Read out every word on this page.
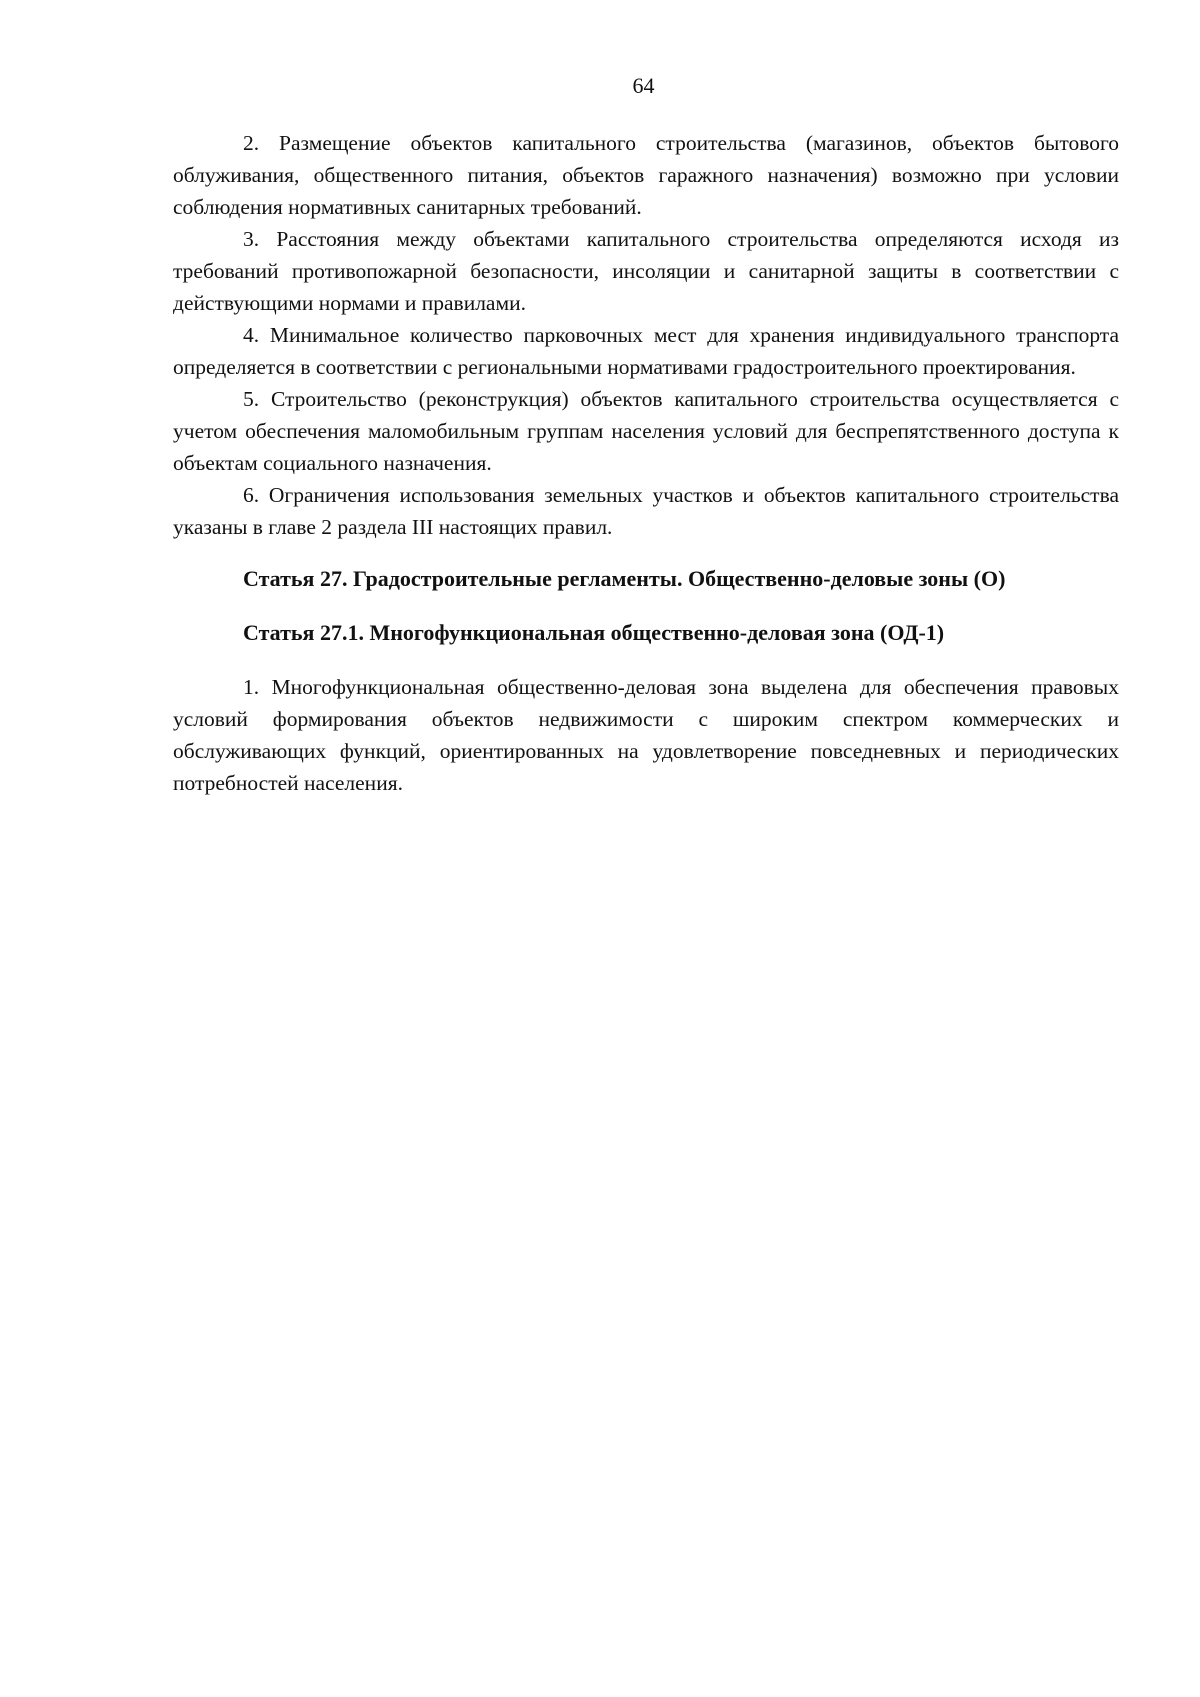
64

2. Размещение объектов капитального строительства (магазинов, объектов бытового облуживания, общественного питания, объектов гаражного назначения) возможно при условии соблюдения нормативных санитарных требований.

3. Расстояния между объектами капитального строительства определяются исходя из требований противопожарной безопасности, инсоляции и санитарной защиты в соответствии с действующими нормами и правилами.

4. Минимальное количество парковочных мест для хранения индивидуального транспорта определяется в соответствии с региональными нормативами градостроительного проектирования.

5. Строительство (реконструкция) объектов капитального строительства осуществляется с учетом обеспечения маломобильным группам населения условий для беспрепятственного доступа к объектам социального назначения.

6. Ограничения использования земельных участков и объектов капитального строительства указаны в главе 2 раздела III настоящих правил.

Статья 27. Градостроительные регламенты. Общественно-деловые зоны (О)
Статья 27.1. Многофункциональная общественно-деловая зона (ОД-1)

1. Многофункциональная общественно-деловая зона выделена для обеспечения правовых условий формирования объектов недвижимости с широким спектром коммерческих и обслуживающих функций, ориентированных на удовлетворение повседневных и периодических потребностей населения.
